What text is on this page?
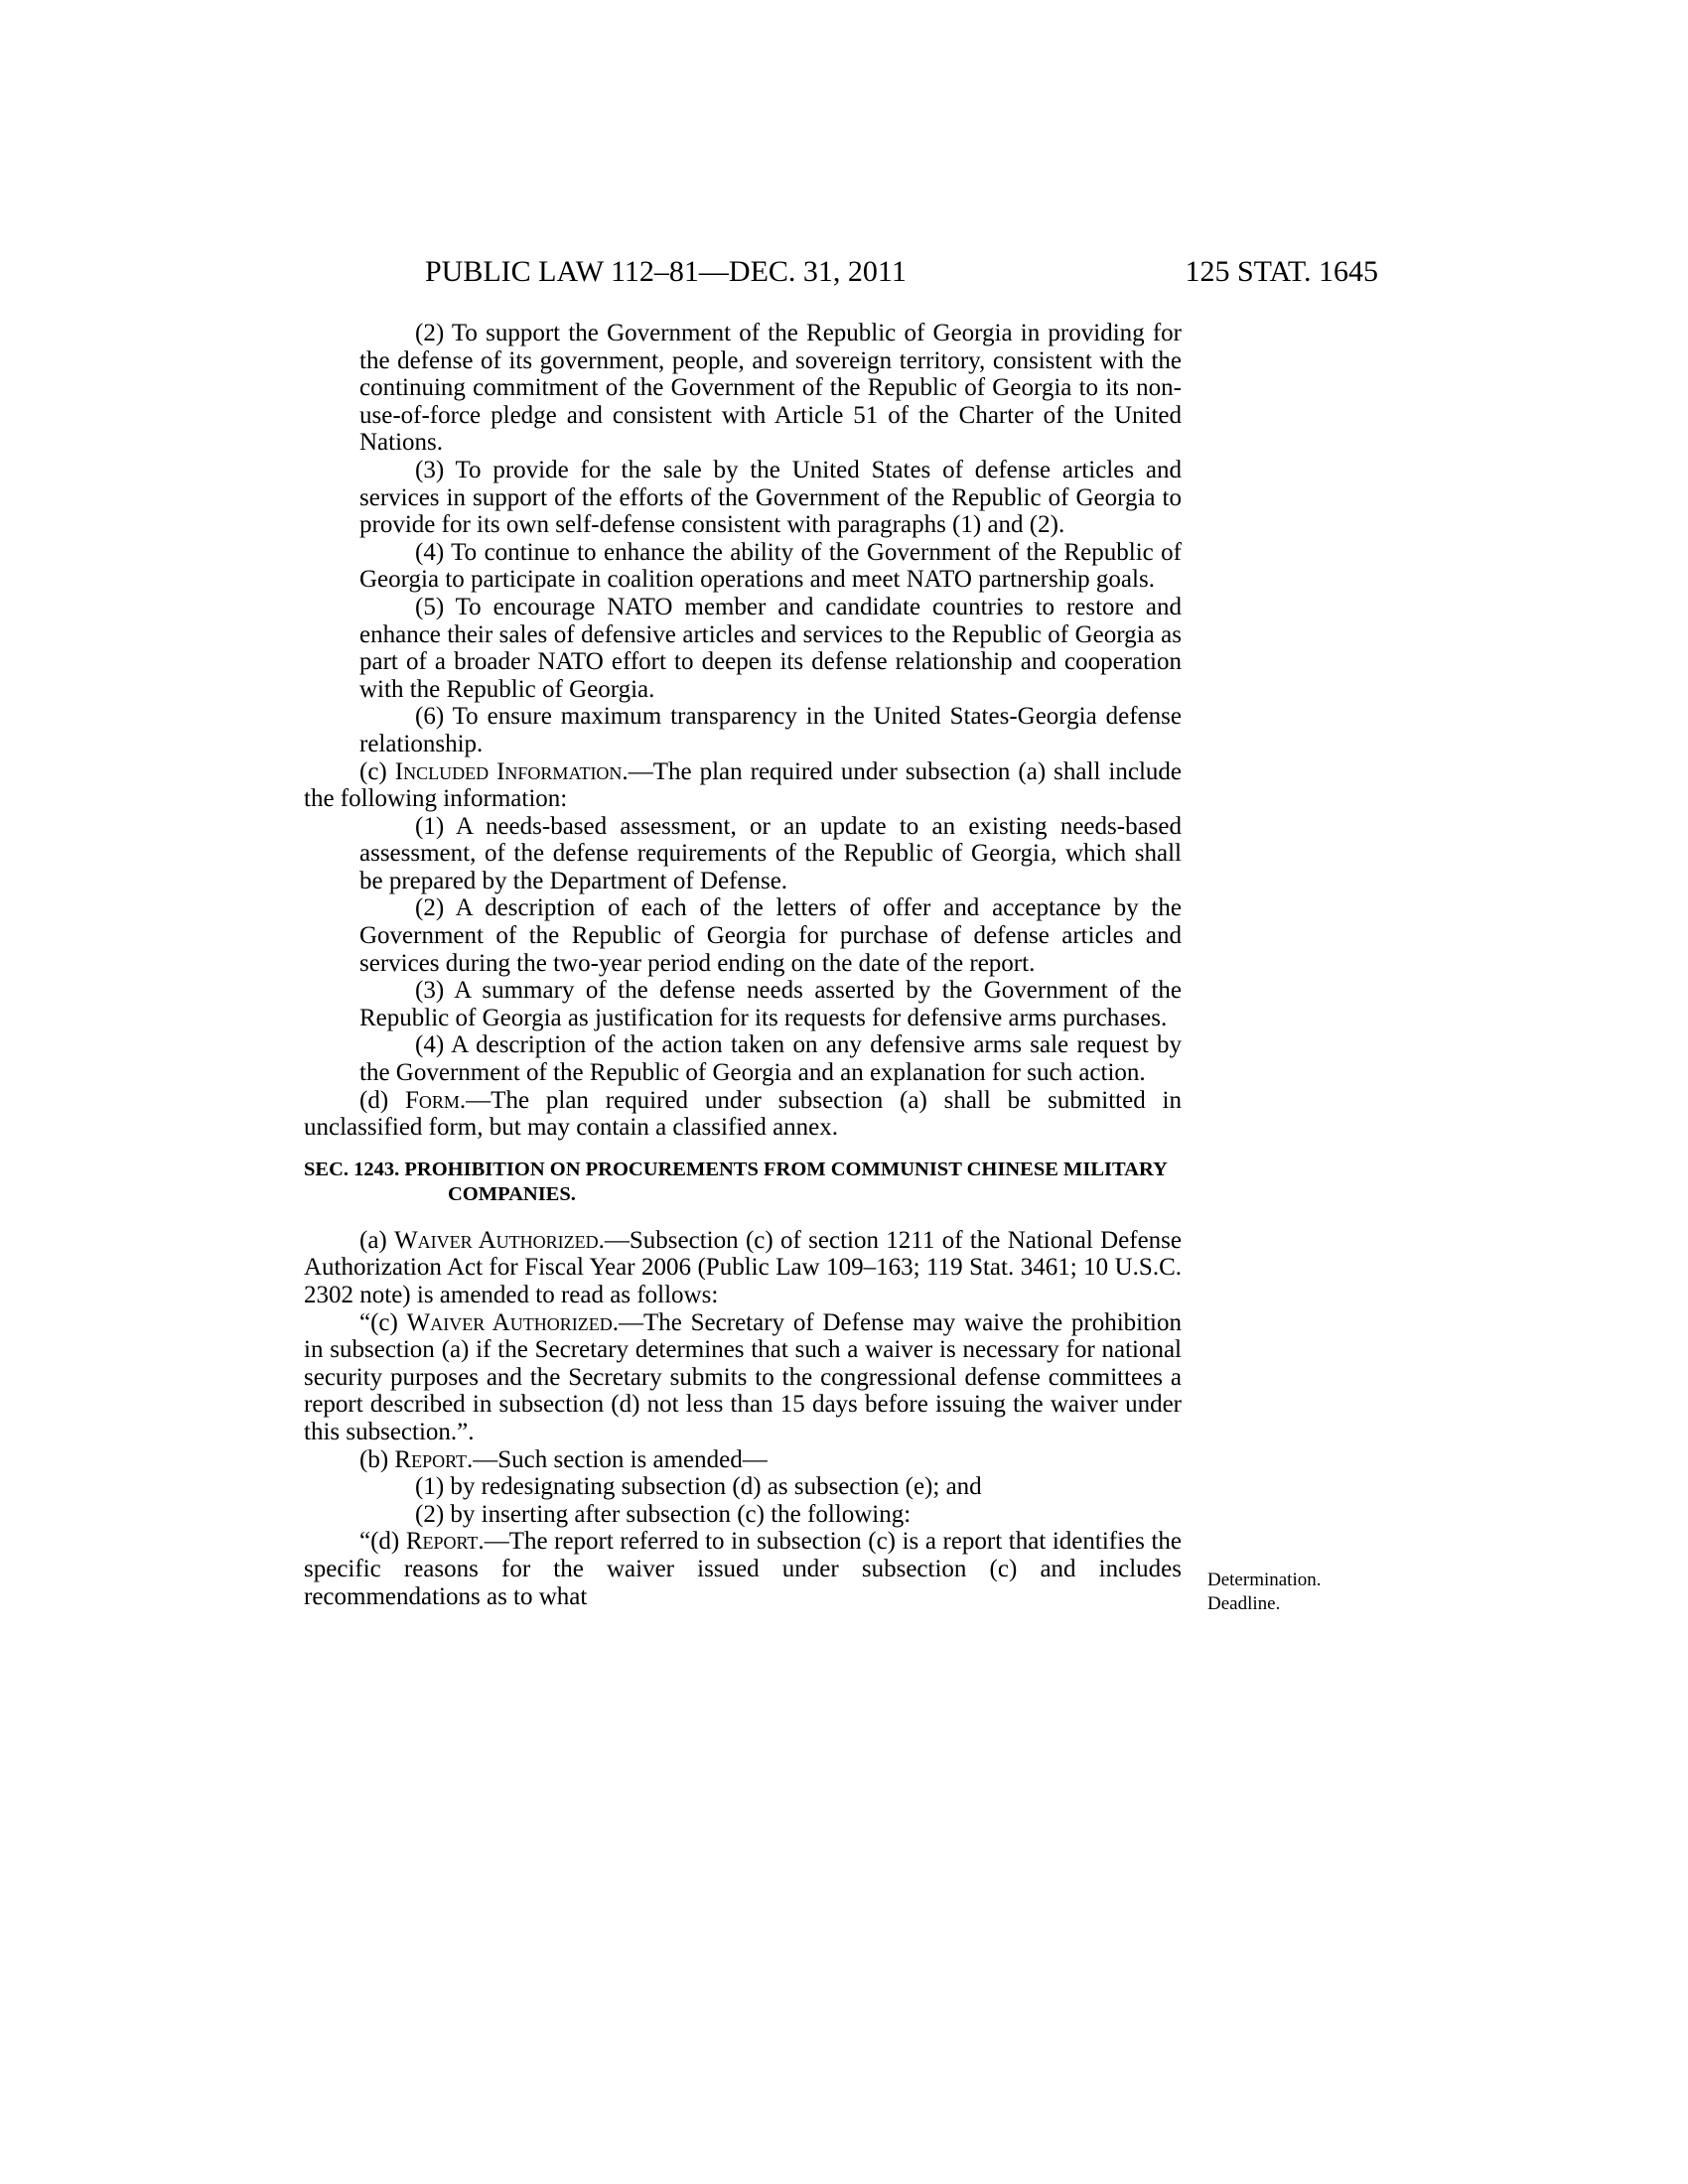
PUBLIC LAW 112–81—DEC. 31, 2011	125 STAT. 1645

(2) To support the Government of the Republic of Georgia in providing for the defense of its government, people, and sovereign territory, consistent with the continuing commitment of the Government of the Republic of Georgia to its non-use-of-force pledge and consistent with Article 51 of the Charter of the United Nations.

(3) To provide for the sale by the United States of defense articles and services in support of the efforts of the Government of the Republic of Georgia to provide for its own self-defense consistent with paragraphs (1) and (2).

(4) To continue to enhance the ability of the Government of the Republic of Georgia to participate in coalition operations and meet NATO partnership goals.

(5) To encourage NATO member and candidate countries to restore and enhance their sales of defensive articles and services to the Republic of Georgia as part of a broader NATO effort to deepen its defense relationship and cooperation with the Republic of Georgia.

(6) To ensure maximum transparency in the United States-Georgia defense relationship.

(c) Included Information.—The plan required under subsection (a) shall include the following information:

(1) A needs-based assessment, or an update to an existing needs-based assessment, of the defense requirements of the Republic of Georgia, which shall be prepared by the Department of Defense.

(2) A description of each of the letters of offer and acceptance by the Government of the Republic of Georgia for purchase of defense articles and services during the two-year period ending on the date of the report.

(3) A summary of the defense needs asserted by the Government of the Republic of Georgia as justification for its requests for defensive arms purchases.

(4) A description of the action taken on any defensive arms sale request by the Government of the Republic of Georgia and an explanation for such action.

(d) Form.—The plan required under subsection (a) shall be submitted in unclassified form, but may contain a classified annex.

SEC. 1243. PROHIBITION ON PROCUREMENTS FROM COMMUNIST CHINESE MILITARY COMPANIES.

(a) Waiver Authorized.—Subsection (c) of section 1211 of the National Defense Authorization Act for Fiscal Year 2006 (Public Law 109–163; 119 Stat. 3461; 10 U.S.C. 2302 note) is amended to read as follows:

“(c) Waiver Authorized.—The Secretary of Defense may waive the prohibition in subsection (a) if the Secretary determines that such a waiver is necessary for national security purposes and the Secretary submits to the congressional defense committees a report described in subsection (d) not less than 15 days before issuing the waiver under this subsection.”.

(b) Report.—Such section is amended—

(1) by redesignating subsection (d) as subsection (e); and

(2) by inserting after subsection (c) the following:

“(d) Report.—The report referred to in subsection (c) is a report that identifies the specific reasons for the waiver issued under subsection (c) and includes recommendations as to what

Determination.
Deadline.
